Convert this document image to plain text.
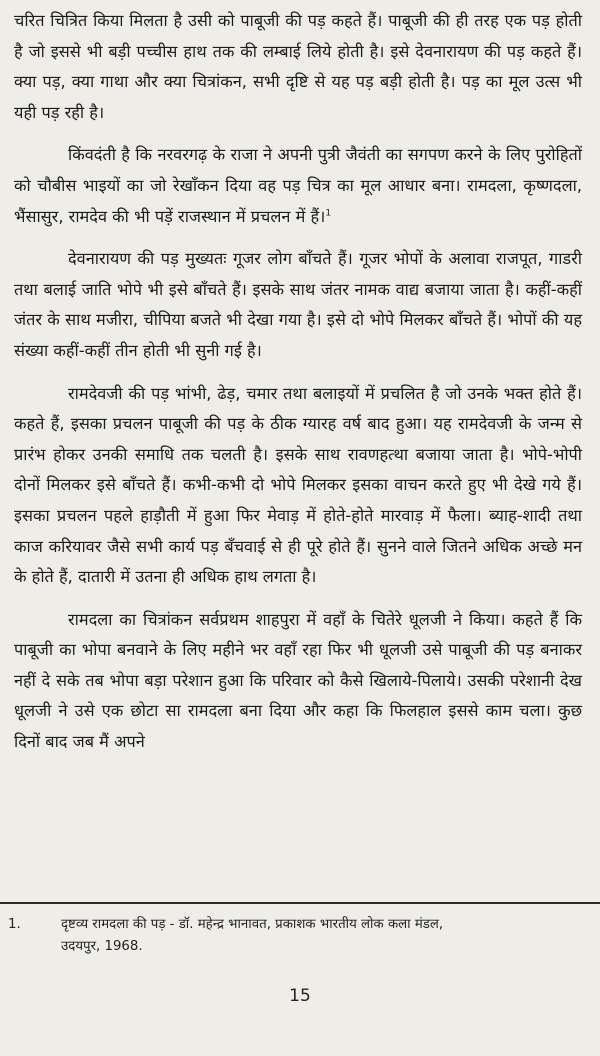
चरित चित्रित किया मिलता है उसी को पाबूजी की पड़ कहते हैं। पाबूजी की ही तरह एक पड़ होती है जो इससे भी बड़ी पच्चीस हाथ तक की लम्बाई लिये होती है। इसे देवनारायण की पड़ कहते हैं। क्या पड़, क्या गाथा और क्या चित्रांकन, सभी दृष्टि से यह पड़ बड़ी होती है। पड़ का मूल उत्स भी यही पड़ रही है।

किंवदंती है कि नरवरगढ़ के राजा ने अपनी पुत्री जैवंती का सगपण करने के लिए पुरोहितों को चौबीस भाइयों का जो रेखाँकन दिया वह पड़ चित्र का मूल आधार बना। रामदला, कृष्णदला, भैंसासुर, रामदेव की भी पड़ें राजस्थान में प्रचलन में हैं।$^1$

देवनारायण की पड़ मुख्यतः गूजर लोग बाँचते हैं। गूजर भोपों के अलावा राजपूत, गाडरी तथा बलाई जाति भोपे भी इसे बाँचते हैं। इसके साथ जंतर नामक वाद्य बजाया जाता है। कहीं-कहीं जंतर के साथ मजीरा, चीपिया बजते भी देखा गया है। इसे दो भोपे मिलकर बाँचते हैं। भोपों की यह संख्या कहीं-कहीं तीन होती भी सुनी गई है।

रामदेवजी की पड़ भांभी, ढेड़, चमार तथा बलाइयों में प्रचलित है जो उनके भक्त होते हैं। कहते हैं, इसका प्रचलन पाबूजी की पड़ के ठीक ग्यारह वर्ष बाद हुआ। यह रामदेवजी के जन्म से प्रारंभ होकर उनकी समाधि तक चलती है। इसके साथ रावणहत्था बजाया जाता है। भोपे-भोपी दोनों मिलकर इसे बाँचते हैं। कभी-कभी दो भोपे मिलकर इसका वाचन करते हुए भी देखे गये हैं। इसका प्रचलन पहले हाड़ौती में हुआ फिर मेवाड़ में होते-होते मारवाड़ में फैला। ब्याह-शादी तथा काज करियावर जैसे सभी कार्य पड़ बँचवाई से ही पूरे होते हैं। सुनने वाले जितने अधिक अच्छे मन के होते हैं, दातारी में उतना ही अधिक हाथ लगता है।

रामदला का चित्रांकन सर्वप्रथम शाहपुरा में वहाँ के चितेरे धूलजी ने किया। कहते हैं कि पाबूजी का भोपा बनवाने के लिए महीने भर वहाँ रहा फिर भी धूलजी उसे पाबूजी की पड़ बनाकर नहीं दे सके तब भोपा बड़ा परेशान हुआ कि परिवार को कैसे खिलाये-पिलाये। उसकी परेशानी देख धूलजी ने उसे एक छोटा सा रामदला बना दिया और कहा कि फिलहाल इससे काम चला। कुछ दिनों बाद जब मैं अपने

1.	दृष्टव्य रामदला की पड़ - डॉ. महेन्द्र भानावत, प्रकाशक भारतीय लोक कला मंडल,
उदयपुर, 1968.
15
